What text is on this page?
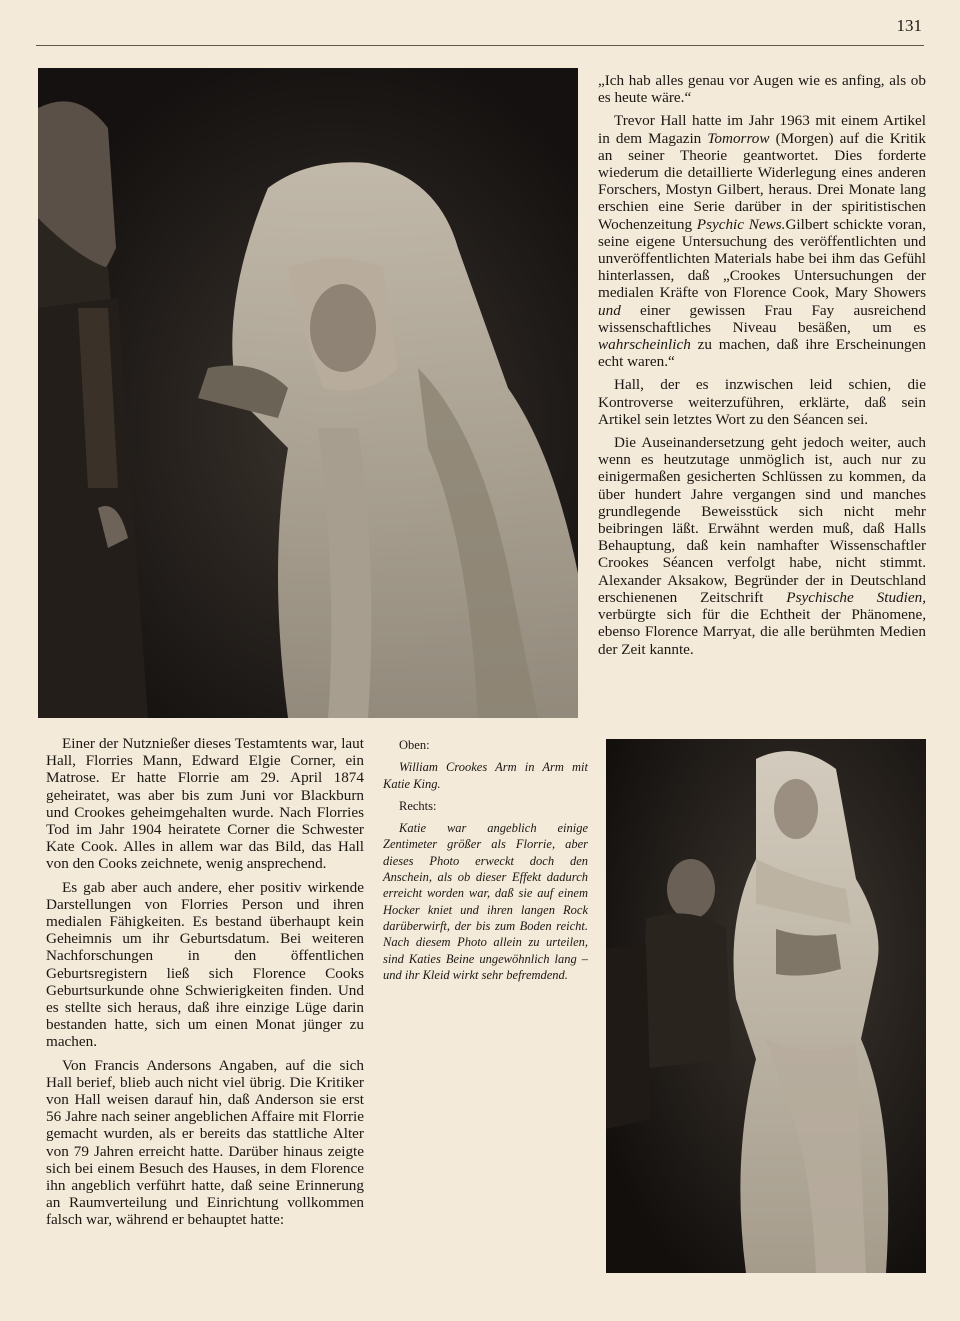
131

„Ich hab alles genau vor Augen wie es anfing, als ob es heute wäre.“

Trevor Hall hatte im Jahr 1963 mit einem Artikel in dem Magazin Tomorrow (Morgen) auf die Kritik an seiner Theorie geantwortet. Dies forderte wiederum die detaillierte Widerlegung eines anderen Forschers, Mostyn Gilbert, heraus. Drei Monate lang erschien eine Serie darüber in der spiritistischen Wochenzeitung Psychic News.Gilbert schickte voran, seine eigene Untersuchung des veröffentlichten und unveröffentlichten Materials habe bei ihm das Gefühl hinterlassen, daß „Crookes Untersuchungen der medialen Kräfte von Florence Cook, Mary Showers und einer gewissen Frau Fay ausreichend wissenschaftliches Niveau besäßen, um es wahrscheinlich zu machen, daß ihre Erscheinungen echt waren.“

Hall, der es inzwischen leid schien, die Kontroverse weiterzuführen, erklärte, daß sein Artikel sein letztes Wort zu den Séancen sei.

Die Auseinandersetzung geht jedoch weiter, auch wenn es heutzutage unmöglich ist, auch nur zu einigermaßen gesicherten Schlüssen zu kommen, da über hundert Jahre vergangen sind und manches grundlegende Beweisstück sich nicht mehr beibringen läßt. Erwähnt werden muß, daß Halls Behauptung, daß kein namhafter Wissenschaftler Crookes Séancen verfolgt habe, nicht stimmt. Alexander Aksakow, Begründer der in Deutschland erschienenen Zeitschrift Psychische Studien, verbürgte sich für die Echtheit der Phänomene, ebenso Florence Marryat, die alle berühmten Medien der Zeit kannte.

Einer der Nutznießer dieses Testamtents war, laut Hall, Florries Mann, Edward Elgie Corner, ein Matrose. Er hatte Florrie am 29. April 1874 geheiratet, was aber bis zum Juni vor Blackburn und Crookes geheimgehalten wurde. Nach Florries Tod im Jahr 1904 heiratete Corner die Schwester Kate Cook. Alles in allem war das Bild, das Hall von den Cooks zeichnete, wenig ansprechend.

Es gab aber auch andere, eher positiv wirkende Darstellungen von Florries Person und ihren medialen Fähigkeiten. Es bestand überhaupt kein Geheimnis um ihr Geburtsdatum. Bei weiteren Nachforschungen in den öffentlichen Geburtsregistern ließ sich Florence Cooks Geburtsurkunde ohne Schwierigkeiten finden. Und es stellte sich heraus, daß ihre einzige Lüge darin bestanden hatte, sich um einen Monat jünger zu machen.

Von Francis Andersons Angaben, auf die sich Hall berief, blieb auch nicht viel übrig. Die Kritiker von Hall weisen darauf hin, daß Anderson sie erst 56 Jahre nach seiner angeblichen Affaire mit Florrie gemacht wurden, als er bereits das stattliche Alter von 79 Jahren erreicht hatte. Darüber hinaus zeigte sich bei einem Besuch des Hauses, in dem Florence ihn angeblich verführt hatte, daß seine Erinnerung an Raumverteilung und Einrichtung vollkommen falsch war, während er behauptet hatte:

Oben:

William Crookes Arm in Arm mit Katie King.

Rechts:

Katie war angeblich einige Zentimeter größer als Florrie, aber dieses Photo erweckt doch den Anschein, als ob dieser Effekt dadurch erreicht worden war, daß sie auf einem Hocker kniet und ihren langen Rock darüberwirft, der bis zum Boden reicht. Nach diesem Photo allein zu urteilen, sind Katies Beine ungewöhnlich lang – und ihr Kleid wirkt sehr befremdend.
